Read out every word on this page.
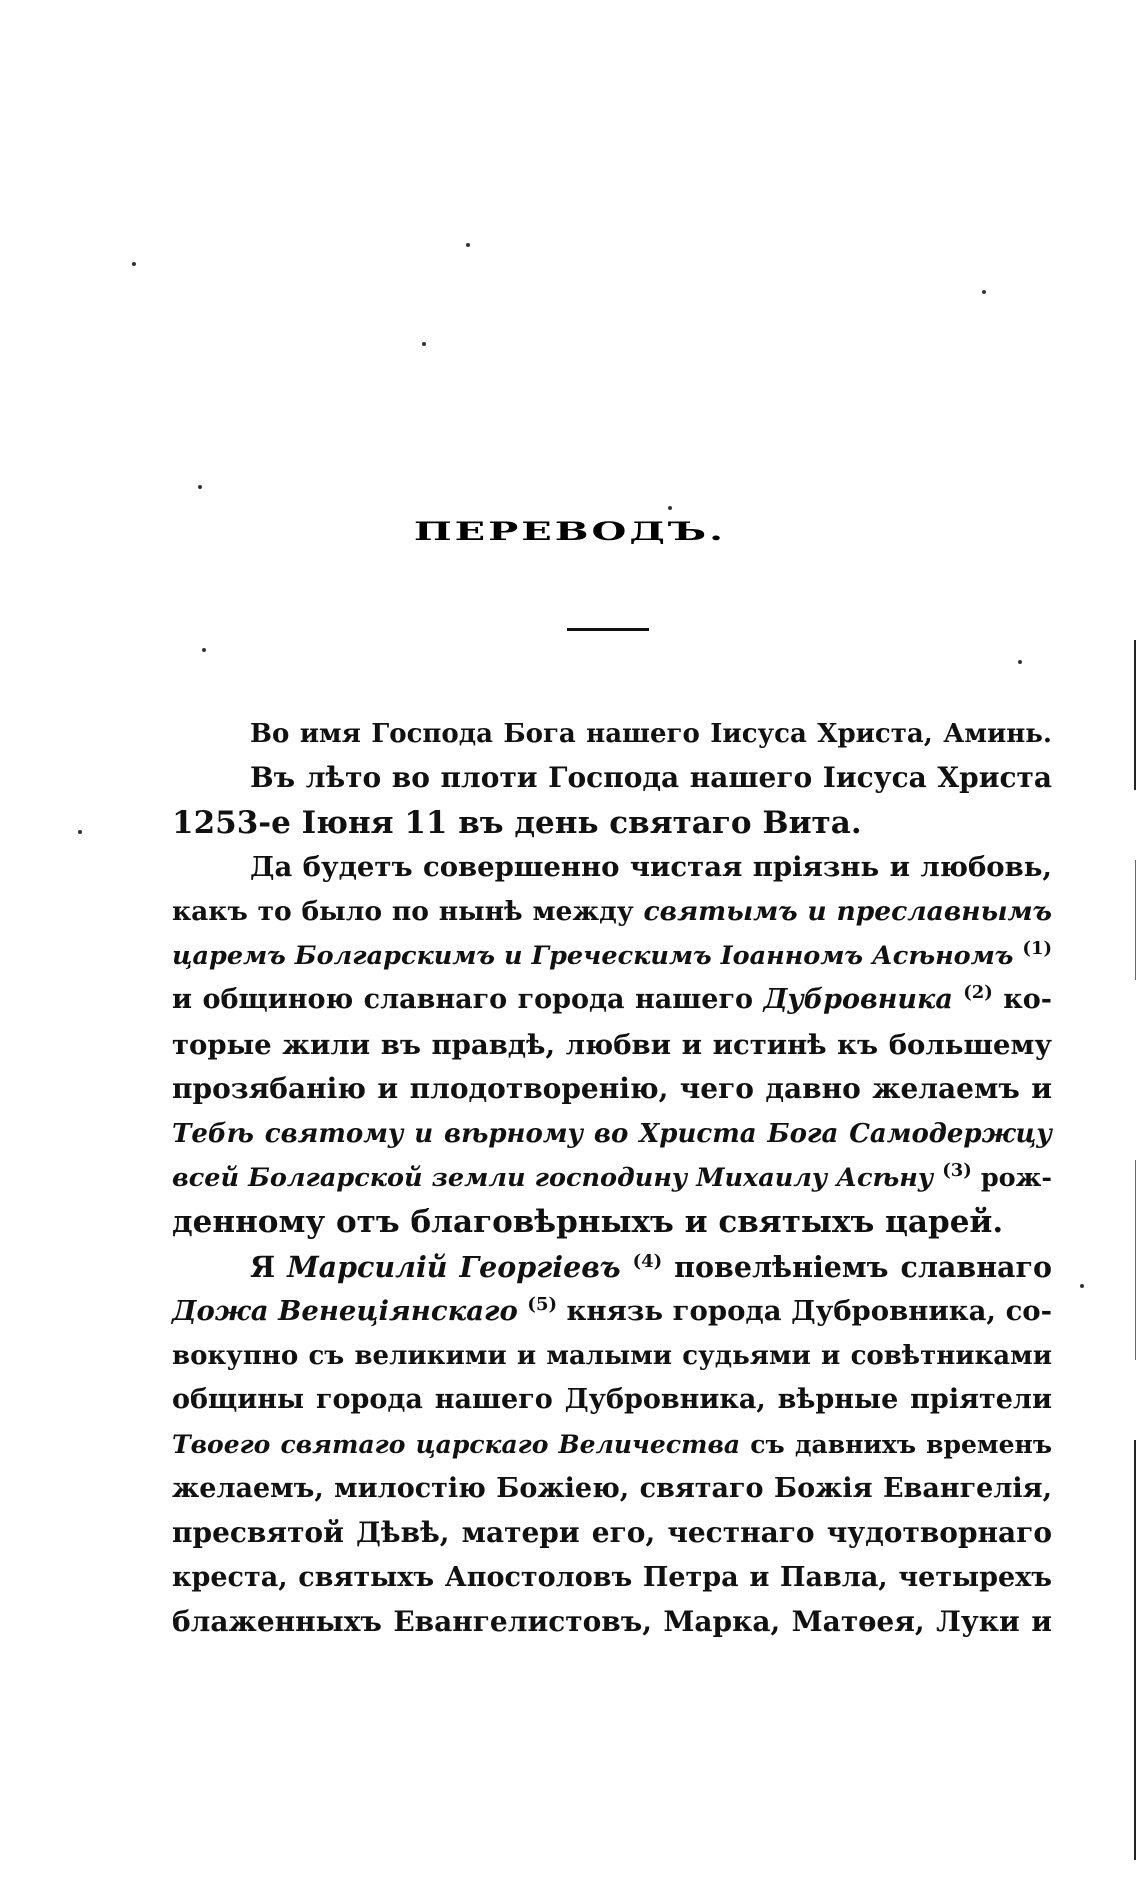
ПЕРЕВОДЪ.
Во имя Господа Бога нашего Іисуса Христа, Аминь.
Въ лѣто во плоти Господа нашего Іисуса Христа
1253-е Іюня 11 въ день святаго Вита.
Да будетъ совершенно чистая пріязнь и любовь,
какъ то было по нынѣ между святымъ и преславнымъ
царемъ Болгарскимъ и Греческимъ Іоанномъ Асѣномъ $^{(1)}$
и общиною славнаго города нашего Дубровника $^{(2)}$ ко-
торые жили въ правдѣ, любви и истинѣ къ большему
прозябанію и плодотворенію, чего давно желаемъ и
Тебѣ святому и вѣрному во Христа Бога Самодержцу
всей Болгарской земли господину Михаилу Асѣну $^{(3)}$ рож-
денному отъ благовѣрныхъ и святыхъ царей.
Я Марсилій Георгіевъ $^{(4)}$ повелѣніемъ славнаго
Дожа Венеціянскаго $^{(5)}$ князь города Дубровника, со-
вокупно съ великими и малыми судьями и совѣтниками
общины города нашего Дубровника, вѣрные пріятели
Твоего святаго царскаго Величества съ давнихъ временъ
желаемъ, милостію Божіею, святаго Божія Евангелія,
пресвятой Дѣвѣ, матери его, честнаго чудотворнаго
креста, святыхъ Апостоловъ Петра и Павла, четырехъ
блаженныхъ Евангелистовъ, Марка, Матѳея, Луки и
